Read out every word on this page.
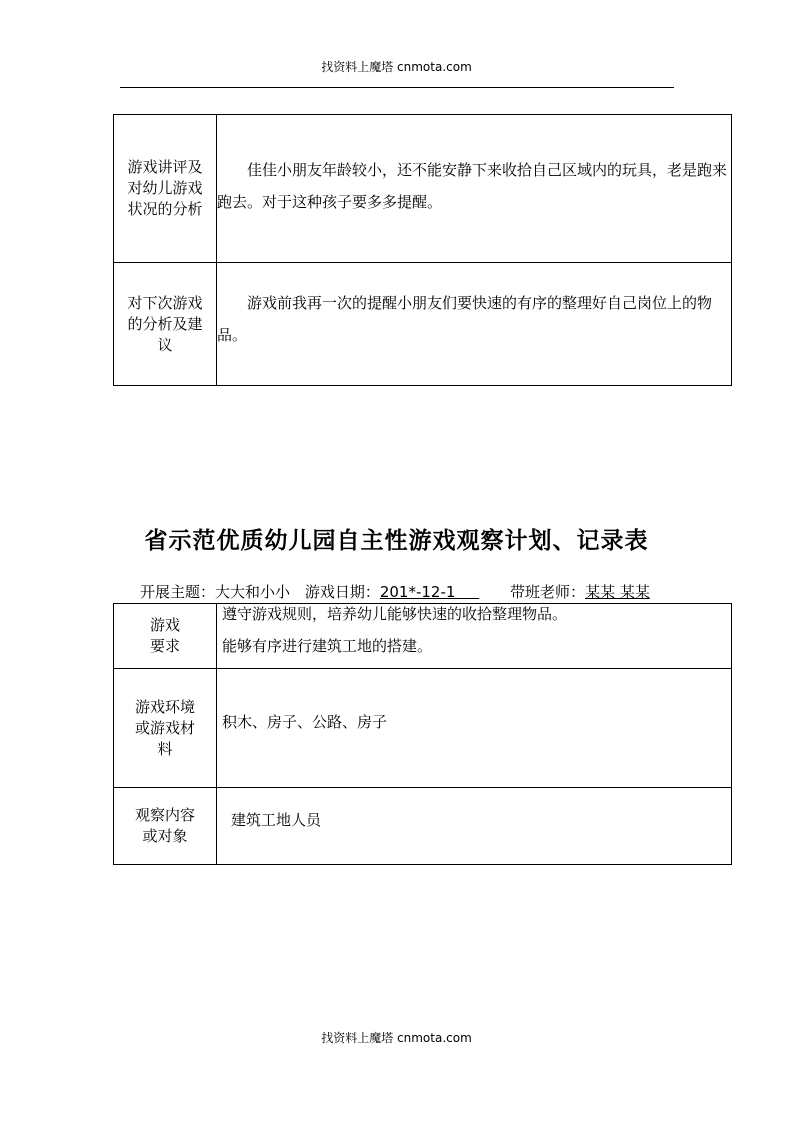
找资料上魔塔 cnmota.com
游戏讲评及对幼儿游戏状况的分析	佳佳小朋友年龄较小，还不能安静下来收拾自己区域内的玩具，老是跑来跑去。对于这种孩子要多多提醒。

对下次游戏的分析及建议	游戏前我再一次的提醒小朋友们要快速的有序的整理好自己岗位上的物品。
省示范优质幼儿园自主性游戏观察计划、记录表
开展主题：大大和小小 游戏日期：201*-12-1	带班老师：某某 某某
游戏要求	遵守游戏规则，培养幼儿能够快速的收拾整理物品。
能够有序进行建筑工地的搭建。

游戏环境或游戏材料	积木、房子、公路、房子

观察内容或对象	建筑工地人员
找资料上魔塔 cnmota.com
